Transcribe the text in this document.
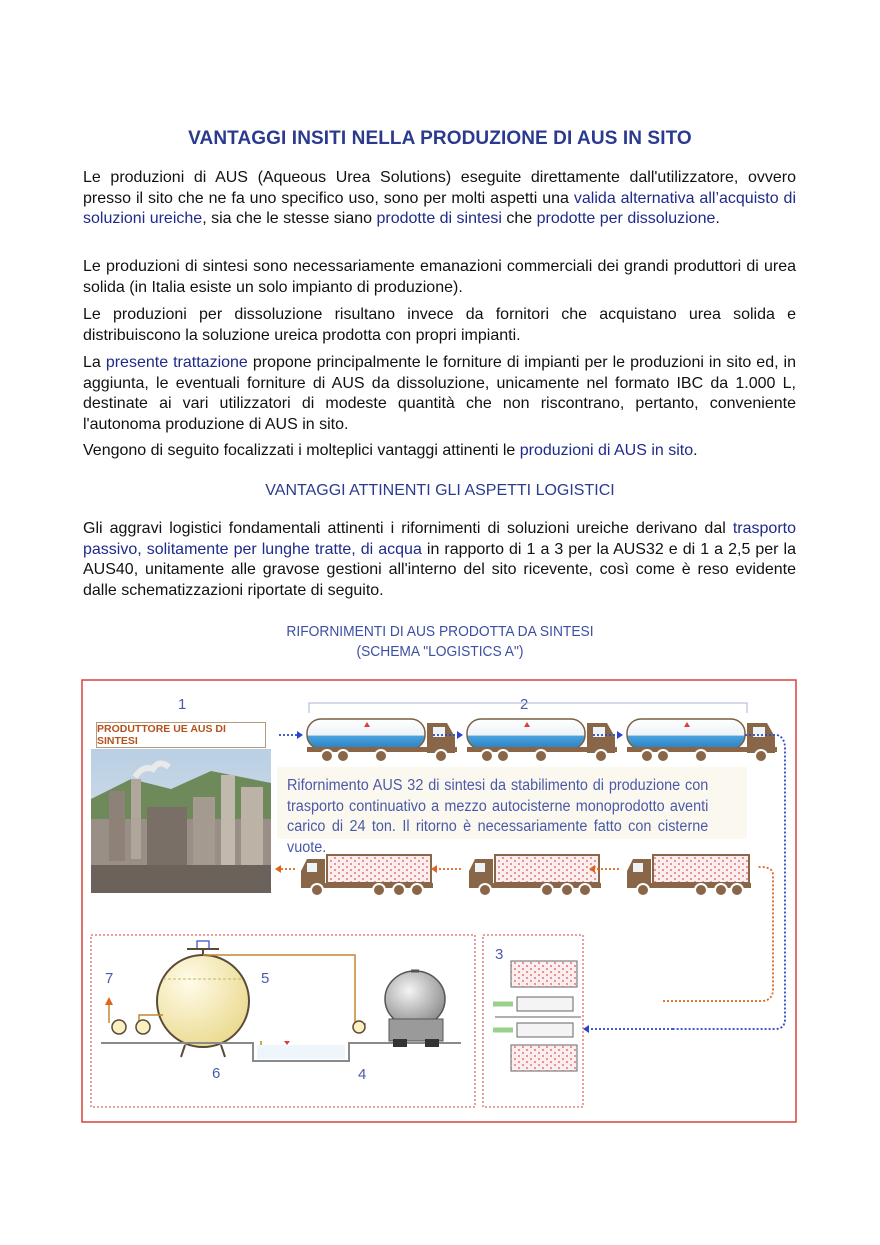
VANTAGGI INSITI NELLA PRODUZIONE DI AUS IN SITO

Le produzioni di AUS (Aqueous Urea Solutions) eseguite direttamente dall'utilizzatore, ovvero presso il sito che ne fa uno specifico uso, sono per molti aspetti una valida alternativa all’acquisto di soluzioni ureiche, sia che le stesse siano prodotte di sintesi che prodotte per dissoluzione.

Le produzioni di sintesi sono necessariamente emanazioni commerciali dei grandi produttori di urea solida (in Italia esiste un solo impianto di produzione).

Le produzioni per dissoluzione risultano invece da fornitori che acquistano urea solida e distribuiscono la soluzione ureica prodotta con propri impianti.

La presente trattazione propone principalmente le forniture di impianti per le produzioni in sito ed, in aggiunta, le eventuali forniture di AUS da dissoluzione, unicamente nel formato IBC da 1.000 L, destinate ai vari utilizzatori di modeste quantità che non riscontrano, pertanto, conveniente l'autonoma produzione di AUS in sito.

Vengono di seguito focalizzati i molteplici vantaggi attinenti le produzioni di AUS in sito.

VANTAGGI ATTINENTI GLI ASPETTI LOGISTICI

Gli aggravi logistici fondamentali attinenti i rifornimenti di soluzioni ureiche derivano dal trasporto passivo, solitamente per lunghe tratte, di acqua in rapporto di 1 a 3 per la AUS32 e di 1 a 2,5 per la AUS40, unitamente alle gravose gestioni all'interno del sito ricevente, così come è reso evidente dalle schematizzazioni riportate di seguito.

RIFORNIMENTI DI AUS PRODOTTA DA SINTESI
(SCHEMA "LOGISTICS A")
1	2
3
4
5
6
7
PRODUTTORE UE AUS DI SINTESI
Rifornimento AUS 32 di sintesi da stabilimento di produzione con trasporto continuativo a mezzo autocisterne monoprodotto aventi carico di 24 ton. Il ritorno è necessariamente fatto con cisterne vuote.
